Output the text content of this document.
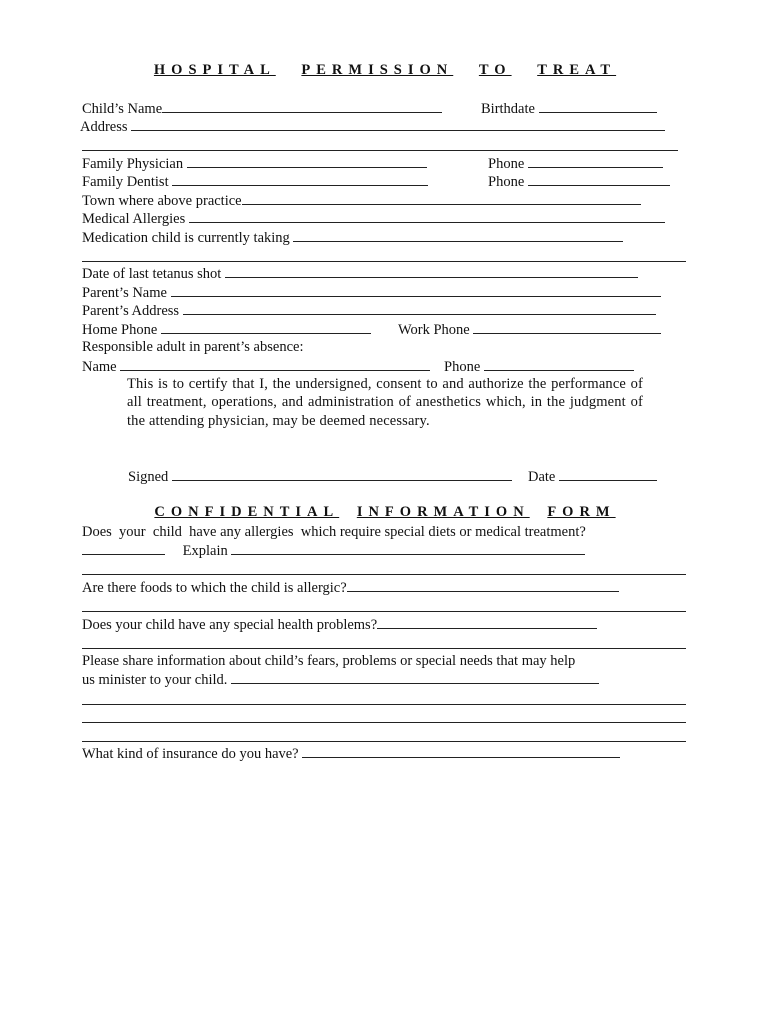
HOSPITAL PERMISSION TO TREAT
Child’s Name	Birthdate
Address
Family Physician	Phone
Family Dentist	Phone
Town where above practice
Medical Allergies
Medication child is currently taking
Date of last tetanus shot
Parent’s Name
Parent’s Address
Home Phone	Work Phone
Responsible adult in parent’s absence:
Name	Phone
This is to certify that I, the undersigned, consent to and authorize the performance of all treatment, operations, and administration of anesthetics which, in the judgment of the attending physician, may be deemed necessary.
Signed	Date
CONFIDENTIAL INFORMATION FORM
Does  your  child  have any allergies  which require special diets or medical treatment?
Explain
Are there foods to which the child is allergic?
Does your child have any special health problems?
Please share information about child’s fears, problems or special needs that may help
us minister to your child.
What kind of insurance do you have?
